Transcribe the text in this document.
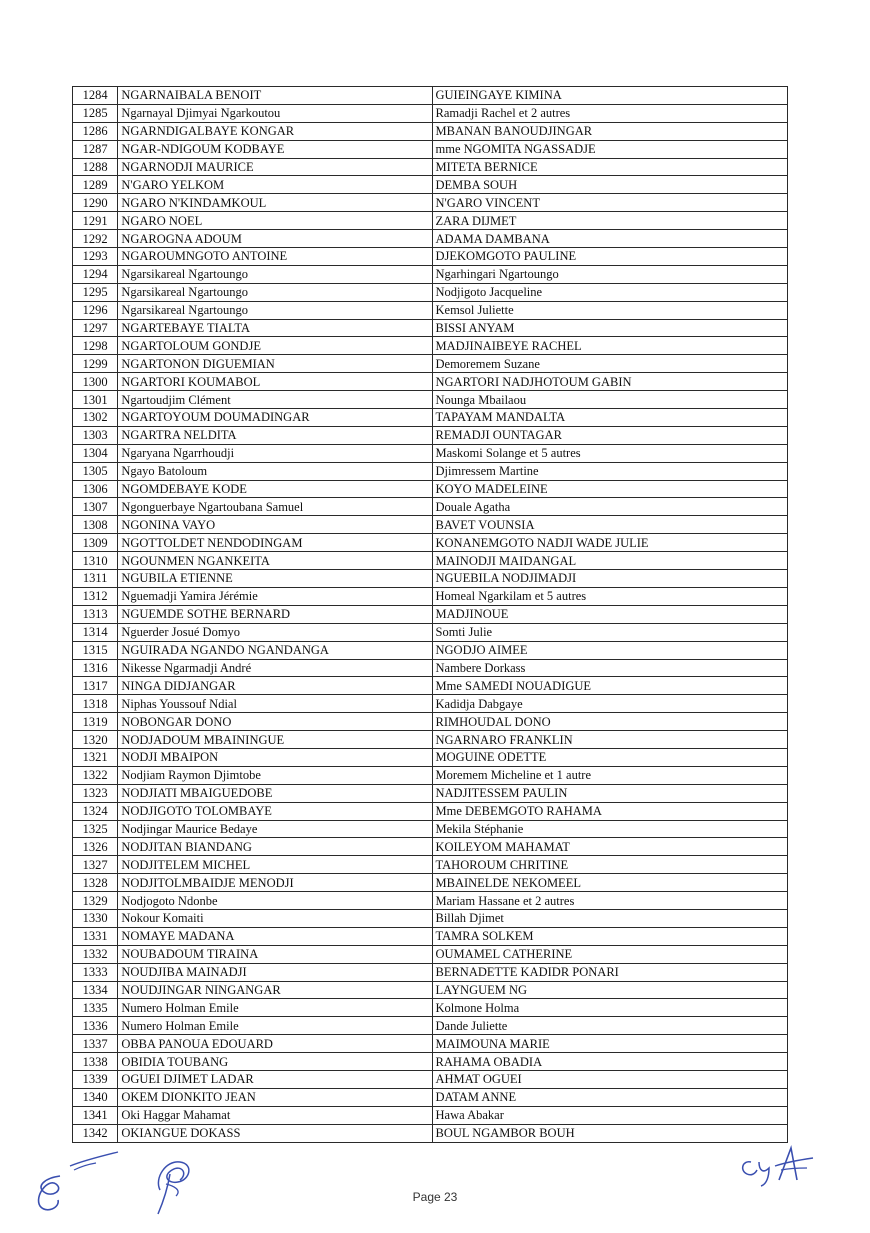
1284	NGARNAIBALA BENOIT	GUIEINGAYE KIMINA
1285	Ngarnayal Djimyai Ngarkoutou	Ramadji Rachel et 2 autres
1286	NGARNDIGALBAYE KONGAR	MBANAN BANOUDJINGAR
1287	NGAR-NDIGOUM KODBAYE	mme NGOMITA NGASSADJE
1288	NGARNODJI MAURICE	MITETA BERNICE
1289	N'GARO YELKOM	DEMBA SOUH
1290	NGARO N'KINDAMKOUL	N'GARO VINCENT
1291	NGARO NOEL	ZARA DIJMET
1292	NGAROGNA ADOUM	ADAMA DAMBANA
1293	NGAROUMNGOTO ANTOINE	DJEKOMGOTO PAULINE
1294	Ngarsikareal Ngartoungo	Ngarhingari Ngartoungo
1295	Ngarsikareal Ngartoungo	Nodjigoto Jacqueline
1296	Ngarsikareal Ngartoungo	Kemsol Juliette
1297	NGARTEBAYE TIALTA	BISSI ANYAM
1298	NGARTOLOUM GONDJE	MADJINAIBEYE RACHEL
1299	NGARTONON DIGUEMIAN	Demoremem Suzane
1300	NGARTORI KOUMABOL	NGARTORI NADJHOTOUM GABIN
1301	Ngartoudjim Clément	Nounga Mbailaou
1302	NGARTOYOUM DOUMADINGAR	TAPAYAM MANDALTA
1303	NGARTRA NELDITA	REMADJI OUNTAGAR
1304	Ngaryana Ngarrhoudji	Maskomi Solange et 5 autres
1305	Ngayo Batoloum	Djimressem Martine
1306	NGOMDEBAYE KODE	KOYO MADELEINE
1307	Ngonguerbaye Ngartoubana Samuel	Douale Agatha
1308	NGONINA VAYO	BAVET VOUNSIA
1309	NGOTTOLDET NENDODINGAM	KONANEMGOTO NADJI WADE JULIE
1310	NGOUNMEN NGANKEITA	MAINODJI MAIDANGAL
1311	NGUBILA ETIENNE	NGUEBILA NODJIMADJI
1312	Nguemadji Yamira Jérémie	Homeal Ngarkilam et 5 autres
1313	NGUEMDE SOTHE BERNARD	MADJINOUE
1314	Nguerder Josué Domyo	Somti Julie
1315	NGUIRADA NGANDO NGANDANGA	NGODJO AIMEE
1316	Nikesse Ngarmadji André	Nambere Dorkass
1317	NINGA DIDJANGAR	Mme SAMEDI NOUADIGUE
1318	Niphas Youssouf Ndial	Kadidja Dabgaye
1319	NOBONGAR DONO	RIMHOUDAL DONO
1320	NODJADOUM MBAININGUE	NGARNARO FRANKLIN
1321	NODJI MBAIPON	MOGUINE ODETTE
1322	Nodjiam Raymon Djimtobe	Moremem Micheline et 1 autre
1323	NODJIATI MBAIGUEDOBE	NADJITESSEM PAULIN
1324	NODJIGOTO TOLOMBAYE	Mme DEBEMGOTO RAHAMA
1325	Nodjingar Maurice Bedaye	Mekila Stéphanie
1326	NODJITAN BIANDANG	KOILEYOM MAHAMAT
1327	NODJITELEM MICHEL	TAHOROUM CHRITINE
1328	NODJITOLMBAIDJE MENODJI	MBAINELDE NEKOMEEL
1329	Nodjogoto Ndonbe	Mariam Hassane et 2 autres
1330	Nokour Komaiti	Billah Djimet
1331	NOMAYE MADANA	TAMRA SOLKEM
1332	NOUBADOUM TIRAINA	OUMAMEL CATHERINE
1333	NOUDJIBA MAINADJI	BERNADETTE KADIDR PONARI
1334	NOUDJINGAR NINGANGAR	LAYNGUEM NG
1335	Numero Holman Emile	Kolmone Holma
1336	Numero Holman Emile	Dande Juliette
1337	OBBA PANOUA EDOUARD	MAIMOUNA MARIE
1338	OBIDIA TOUBANG	RAHAMA OBADIA
1339	OGUEI DJIMET LADAR	AHMAT OGUEI
1340	OKEM DIONKITO JEAN	DATAM ANNE
1341	Oki Haggar Mahamat	Hawa Abakar
1342	OKIANGUE DOKASS	BOUL NGAMBOR BOUH
Page 23
